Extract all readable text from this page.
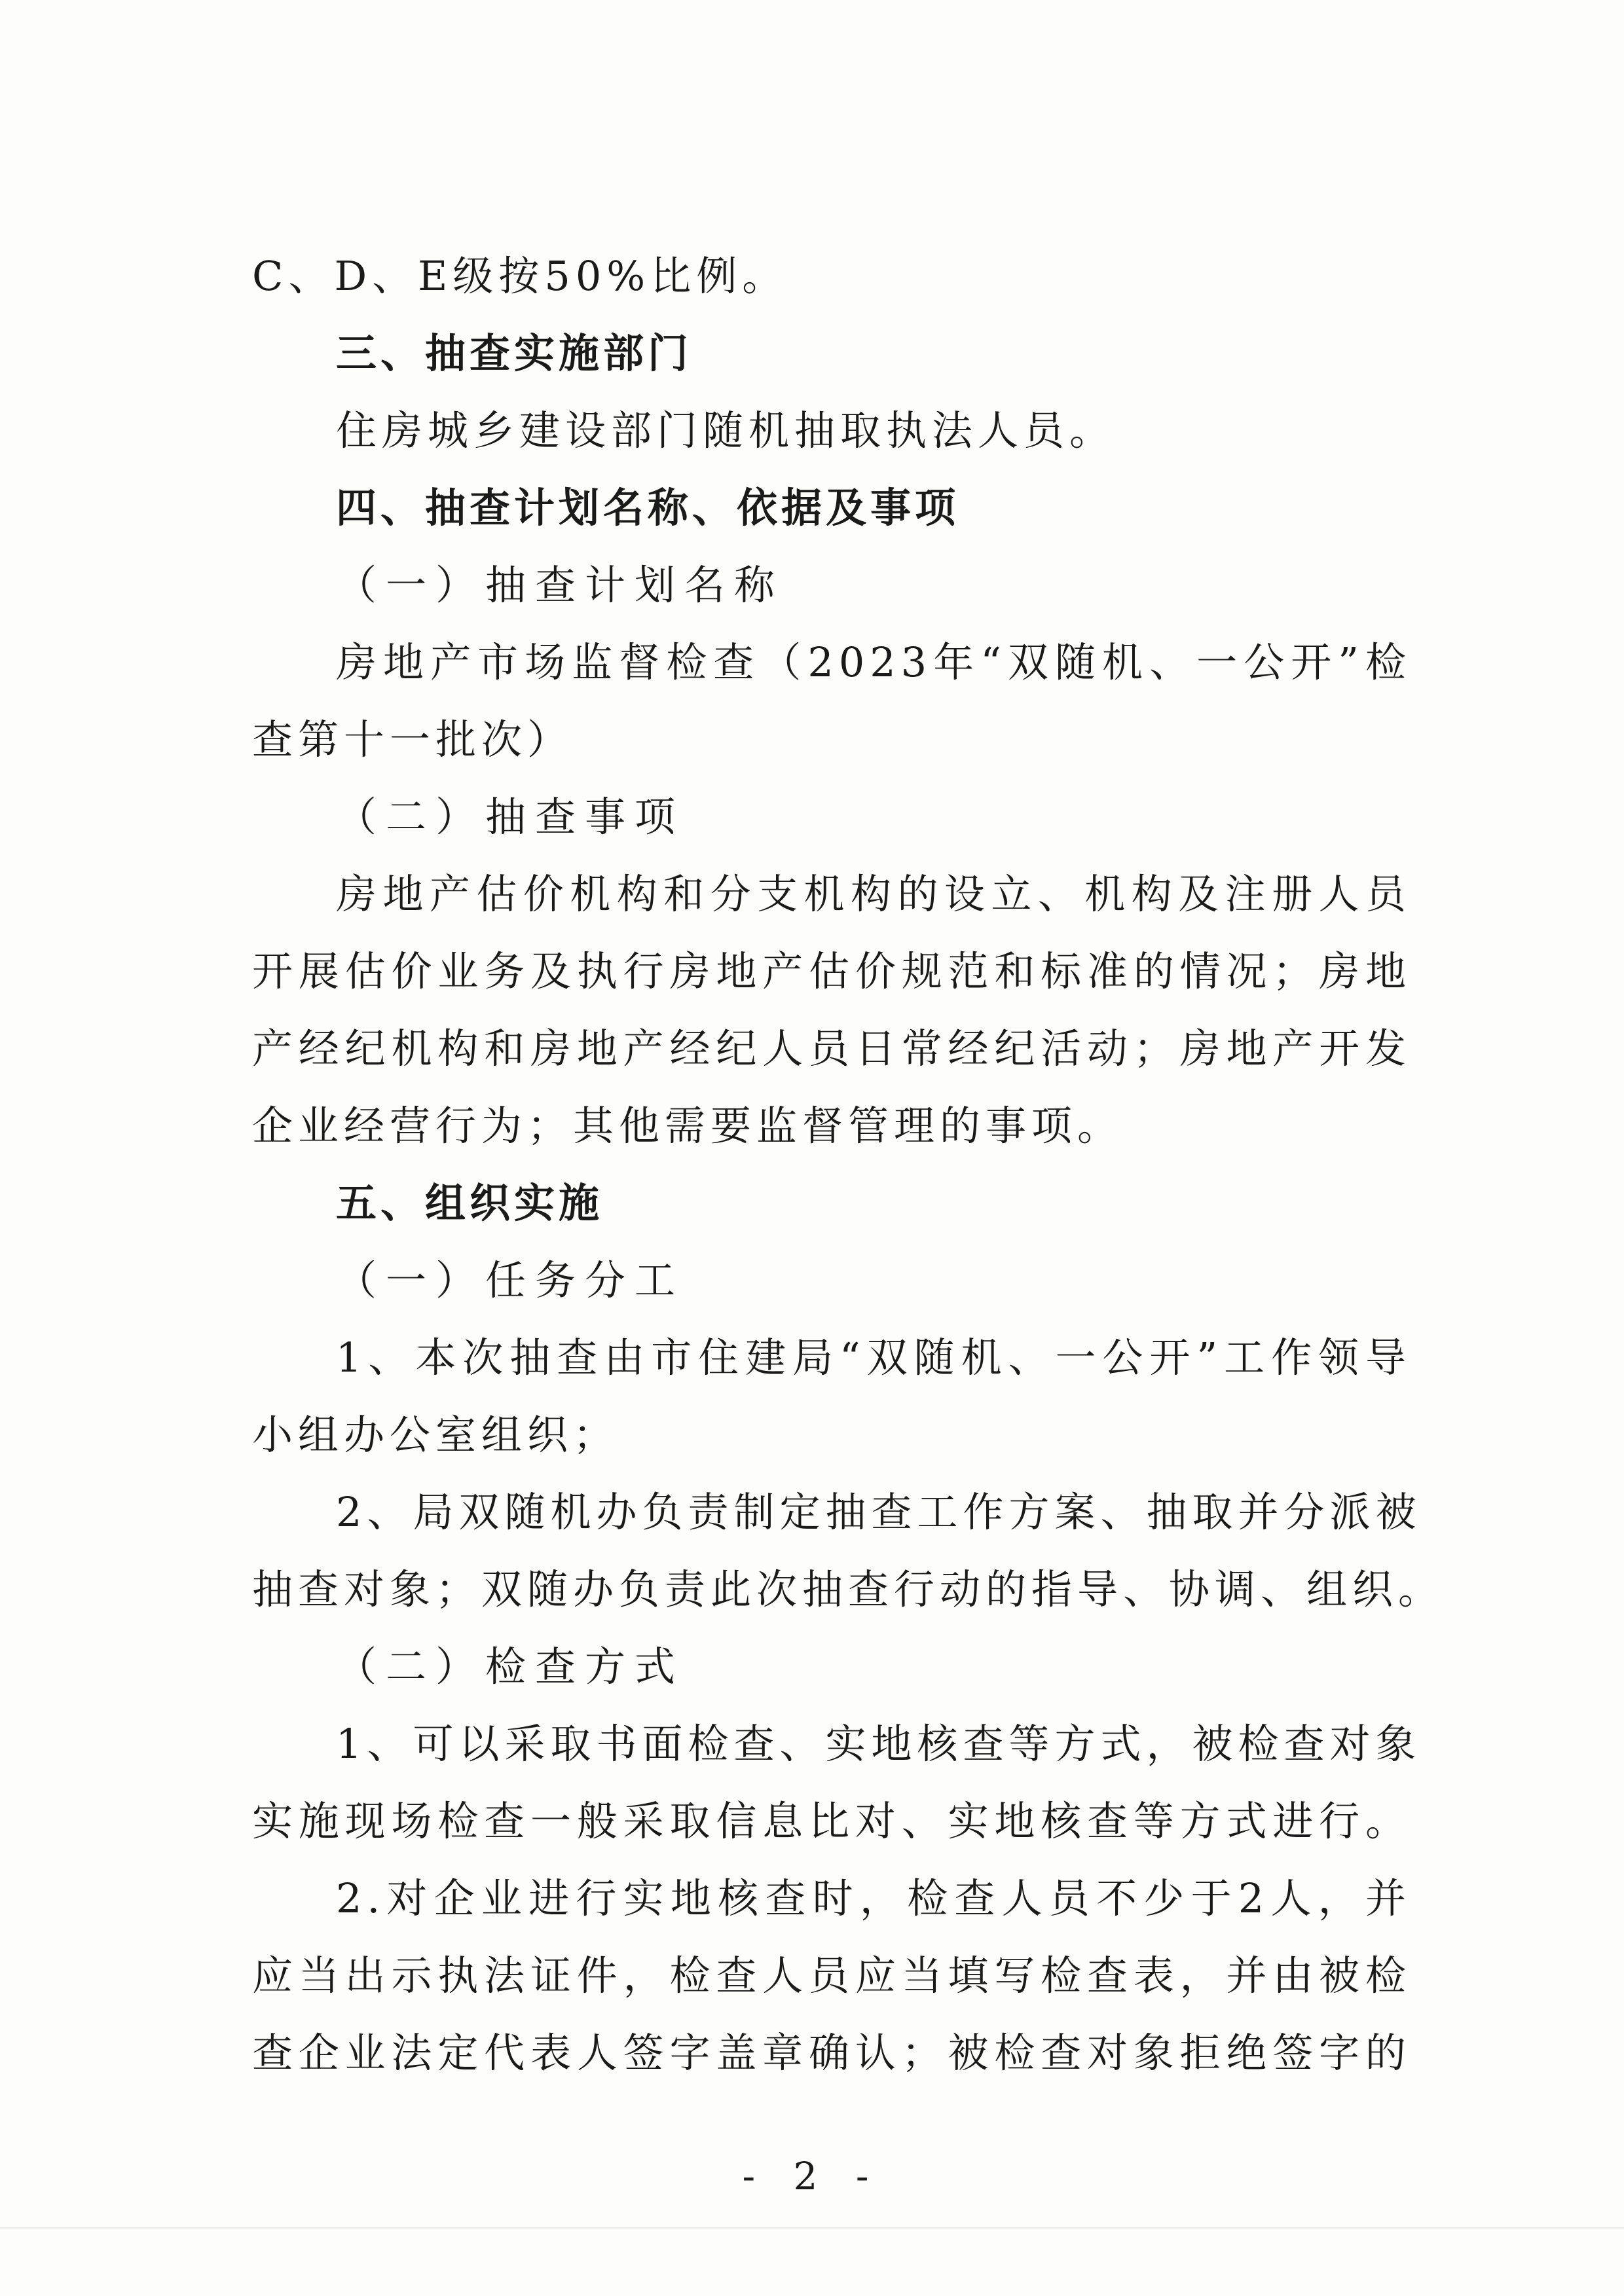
C、D、E级按50%比例。
三、抽查实施部门
住房城乡建设部门随机抽取执法人员。
四、抽查计划名称、依据及事项
（一）抽查计划名称
房地产市场监督检查（2023年“双随机、一公开”检
查第十一批次）
（二）抽查事项
房地产估价机构和分支机构的设立、机构及注册人员
开展估价业务及执行房地产估价规范和标准的情况；房地
产经纪机构和房地产经纪人员日常经纪活动；房地产开发
企业经营行为；其他需要监督管理的事项。
五、组织实施
（一）任务分工
1、本次抽查由市住建局“双随机、一公开”工作领导
小组办公室组织；
2、局双随机办负责制定抽查工作方案、抽取并分派被
抽查对象；双随办负责此次抽查行动的指导、协调、组织。
（二）检查方式
1、可以采取书面检查、实地核查等方式，被检查对象
实施现场检查一般采取信息比对、实地核查等方式进行。
2.对企业进行实地核查时，检查人员不少于2人，并
应当出示执法证件，检查人员应当填写检查表，并由被检
查企业法定代表人签字盖章确认；被检查对象拒绝签字的
- 2 -
